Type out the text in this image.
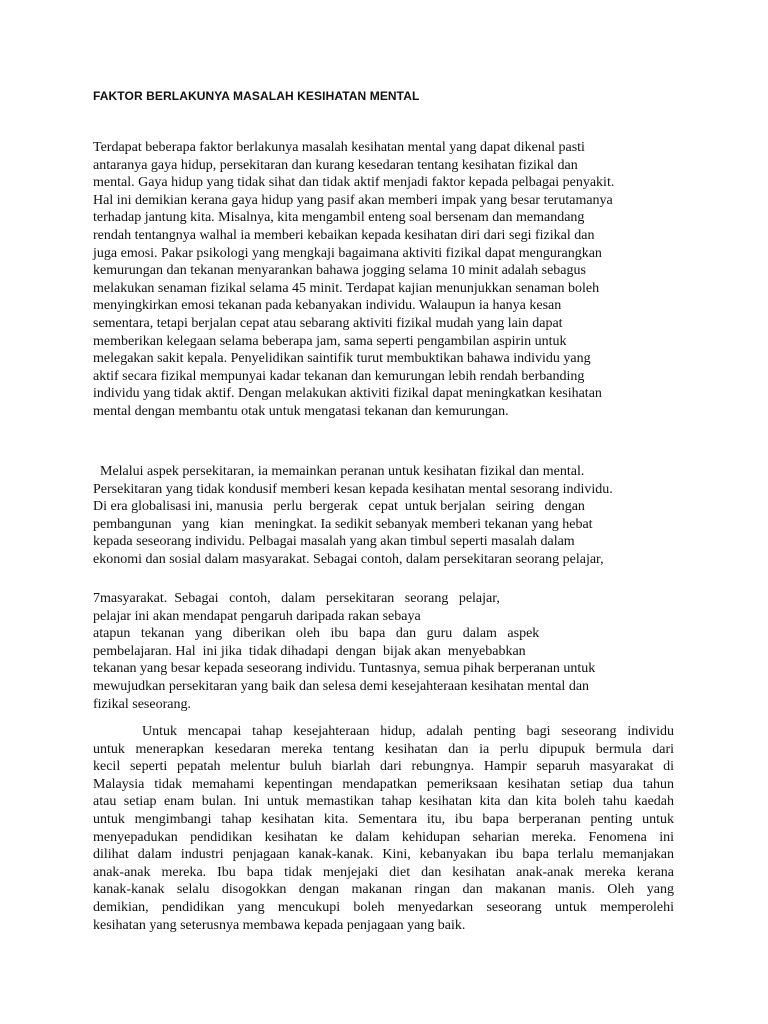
FAKTOR BERLAKUNYA MASALAH KESIHATAN MENTAL
Terdapat beberapa faktor berlakunya masalah kesihatan mental yang dapat dikenal pasti
antaranya gaya hidup, persekitaran dan kurang kesedaran tentang kesihatan fizikal dan
mental. Gaya hidup yang tidak sihat dan tidak aktif menjadi faktor kepada pelbagai penyakit.
Hal ini demikian kerana gaya hidup yang pasif akan memberi impak yang besar terutamanya
terhadap jantung kita. Misalnya, kita mengambil enteng soal bersenam dan memandang
rendah tentangnya walhal ia memberi kebaikan kepada kesihatan diri dari segi fizikal dan
juga emosi. Pakar psikologi yang mengkaji bagaimana aktiviti fizikal dapat mengurangkan
kemurungan dan tekanan menyarankan bahawa jogging selama 10 minit adalah sebagus
melakukan senaman fizikal selama 45 minit. Terdapat kajian menunjukkan senaman boleh
menyingkirkan emosi tekanan pada kebanyakan individu. Walaupun ia hanya kesan
sementara, tetapi berjalan cepat atau sebarang aktiviti fizikal mudah yang lain dapat
memberikan kelegaan selama beberapa jam, sama seperti pengambilan aspirin untuk
melegakan sakit kepala. Penyelidikan saintifik turut membuktikan bahawa individu yang
aktif secara fizikal mempunyai kadar tekanan dan kemurungan lebih rendah berbanding
individu yang tidak aktif. Dengan melakukan aktiviti fizikal dapat meningkatkan kesihatan
mental dengan membantu otak untuk mengatasi tekanan dan kemurungan.
Melalui aspek persekitaran, ia memainkan peranan untuk kesihatan fizikal dan mental.
Persekitaran yang tidak kondusif memberi kesan kepada kesihatan mental sesorang individu.
Di era globalisasi ini, manusia   perlu  bergerak   cepat  untuk berjalan   seiring   dengan
pembangunan   yang   kian   meningkat. Ia sedikit sebanyak memberi tekanan yang hebat
kepada seseorang individu. Pelbagai masalah yang akan timbul seperti masalah dalam
ekonomi dan sosial dalam masyarakat. Sebagai contoh, dalam persekitaran seorang pelajar,
7masyarakat.  Sebagai   contoh,   dalam   persekitaran   seorang   pelajar,
pelajar ini akan mendapat pengaruh daripada rakan sebaya
atapun   tekanan   yang   diberikan   oleh   ibu   bapa   dan   guru   dalam   aspek
pembelajaran. Hal  ini jika  tidak dihadapi  dengan  bijak akan  menyebabkan
tekanan yang besar kepada seseorang individu. Tuntasnya, semua pihak berperanan untuk
mewujudkan persekitaran yang baik dan selesa demi kesejahteraan kesihatan mental dan
fizikal seseorang.
Untuk mencapai tahap kesejahteraan hidup, adalah penting bagi seseorang individu
untuk menerapkan kesedaran mereka tentang kesihatan dan ia perlu dipupuk bermula dari
kecil seperti pepatah melentur buluh biarlah dari rebungnya. Hampir separuh masyarakat di
Malaysia tidak memahami kepentingan mendapatkan pemeriksaan kesihatan setiap dua tahun
atau setiap enam bulan. Ini untuk memastikan tahap kesihatan kita dan kita boleh tahu kaedah
untuk mengimbangi tahap kesihatan kita. Sementara itu, ibu bapa berperanan penting untuk
menyepadukan pendidikan kesihatan ke dalam kehidupan seharian mereka. Fenomena ini
dilihat dalam industri penjagaan kanak-kanak. Kini, kebanyakan ibu bapa terlalu memanjakan
anak-anak mereka. Ibu bapa tidak menjejaki diet dan kesihatan anak-anak mereka kerana
kanak-kanak selalu disogokkan dengan makanan ringan dan makanan manis. Oleh yang
demikian, pendidikan yang mencukupi boleh menyedarkan seseorang untuk memperolehi
kesihatan yang seterusnya membawa kepada penjagaan yang baik.
